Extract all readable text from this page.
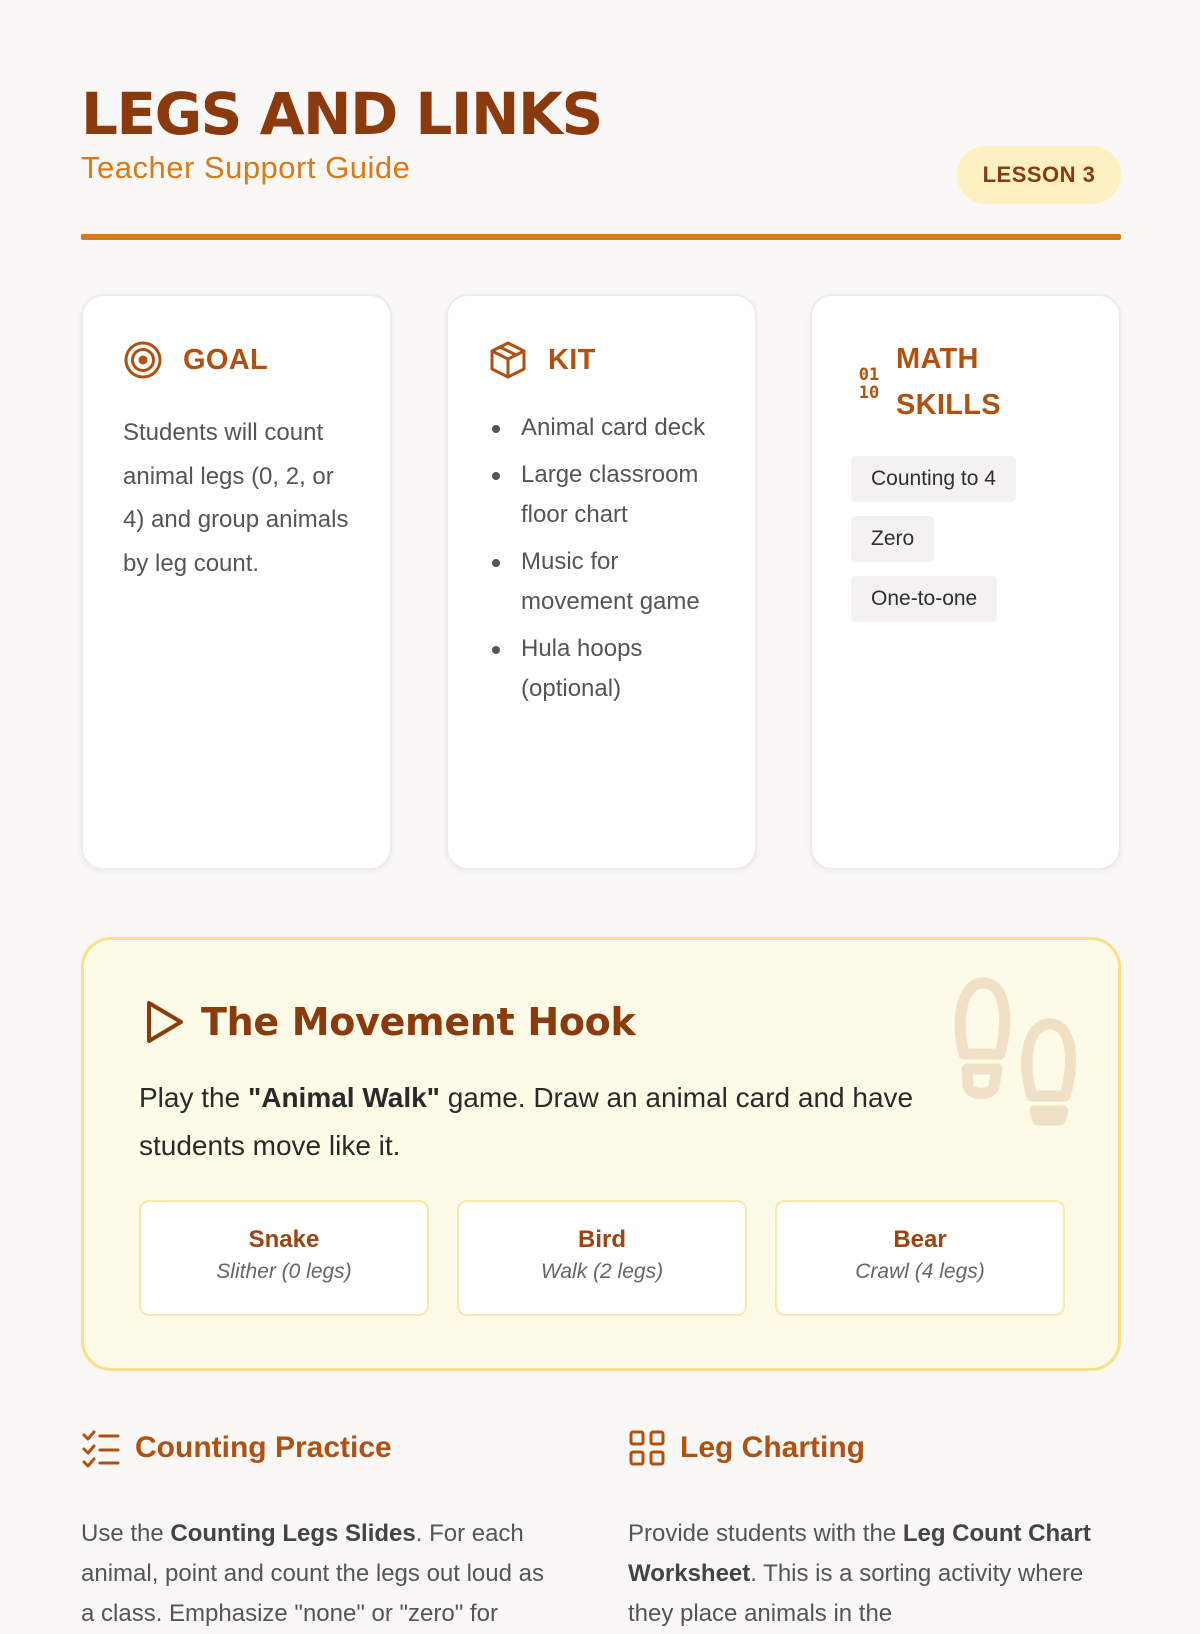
LEGS AND LINKS
Teacher Support Guide	LESSON 3
GOAL

Students will count animal legs (0, 2, or 4) and group animals by leg count.

KIT
Animal card deck
Large classroom floor chart
Music for movement game
Hula hoops (optional)
01
10
MATH
SKILLS
Counting to 4
Zero
One-to-one
The Movement Hook

Play the "Animal Walk" game. Draw an animal card and have students move like it.

Snake
Slither (0 legs)
Bird
Walk (2 legs)
Bear
Crawl (4 legs)
Counting Practice

Use the Counting Legs Slides. For each animal, point and count the legs out loud as a class. Emphasize "none" or "zero" for

Leg Charting

Provide students with the Leg Count Chart Worksheet. This is a sorting activity where they place animals in the
